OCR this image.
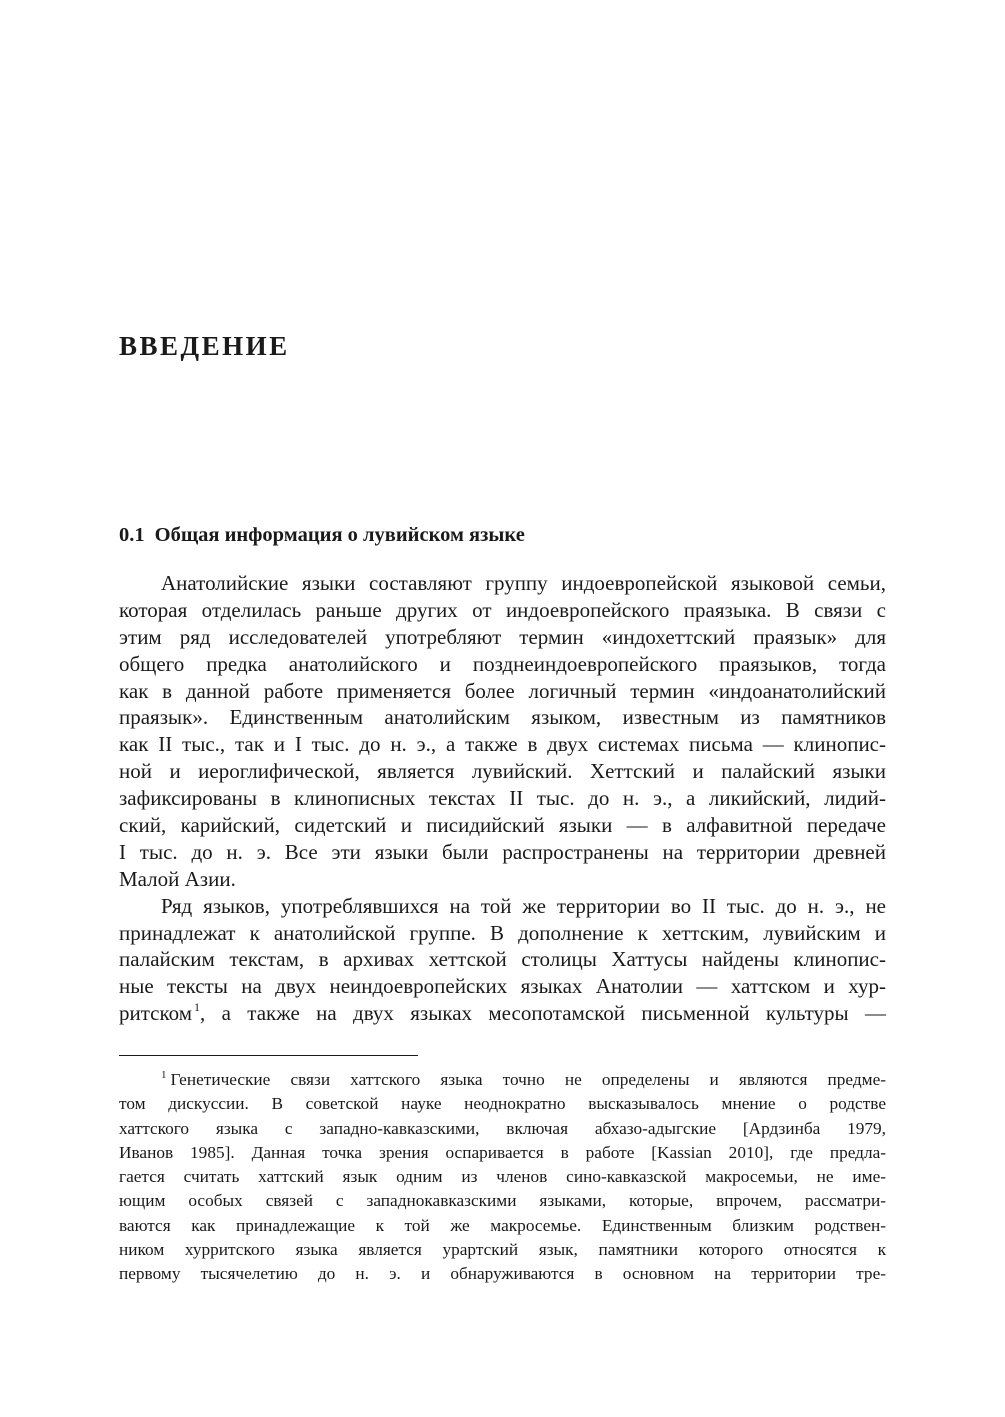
ВВЕДЕНИЕ
0.1 Общая информация о лувийском языке
Анатолийские языки составляют группу индоевропейской языковой семьи,
которая отделилась раньше других от индоевропейского праязыка. В связи с
этим ряд исследователей употребляют термин «индохеттский праязык» для
общего предка анатолийского и позднеиндоевропейского праязыков, тогда
как в данной работе применяется более логичный термин «индоанатолийский
праязык». Единственным анатолийским языком, известным из памятников
как II тыс., так и I тыс. до н. э., а также в двух системах письма — клинопис-
ной и иероглифической, является лувийский. Хеттский и палайский языки
зафиксированы в клинописных текстах II тыс. до н. э., а ликийский, лидий-
ский, карийский, сидетский и писидийский языки — в алфавитной передаче
I тыс. до н. э. Все эти языки были распространены на территории древней
Малой Азии.
Ряд языков, употреблявшихся на той же территории во II тыс. до н. э., не
принадлежат к анатолийской группе. В дополнение к хеттским, лувийским и
палайским текстам, в архивах хеттской столицы Хаттусы найдены клинопис-
ные тексты на двух неиндоевропейских языках Анатолии — хаттском и хур-
ритском $^1$, а также на двух языках месопотамской письменной культуры —
$^1$ Генетические связи хаттского языка точно не определены и являются предме-
том дискуссии. В советской науке неоднократно высказывалось мнение о родстве
хаттского языка с западно-кавказскими, включая абхазо-адыгские [Ардзинба 1979,
Иванов 1985]. Данная точка зрения оспаривается в работе [Kassian 2010], где предла-
гается считать хаттский язык одним из членов сино-кавказской макросемьи, не име-
ющим особых связей с западнокавказскими языками, которые, впрочем, рассматри-
ваются как принадлежащие к той же макросемье. Единственным близким родствен-
ником хурритского языка является урартский язык, памятники которого относятся к
первому тысячелетию до н. э. и обнаруживаются в основном на территории тре-
